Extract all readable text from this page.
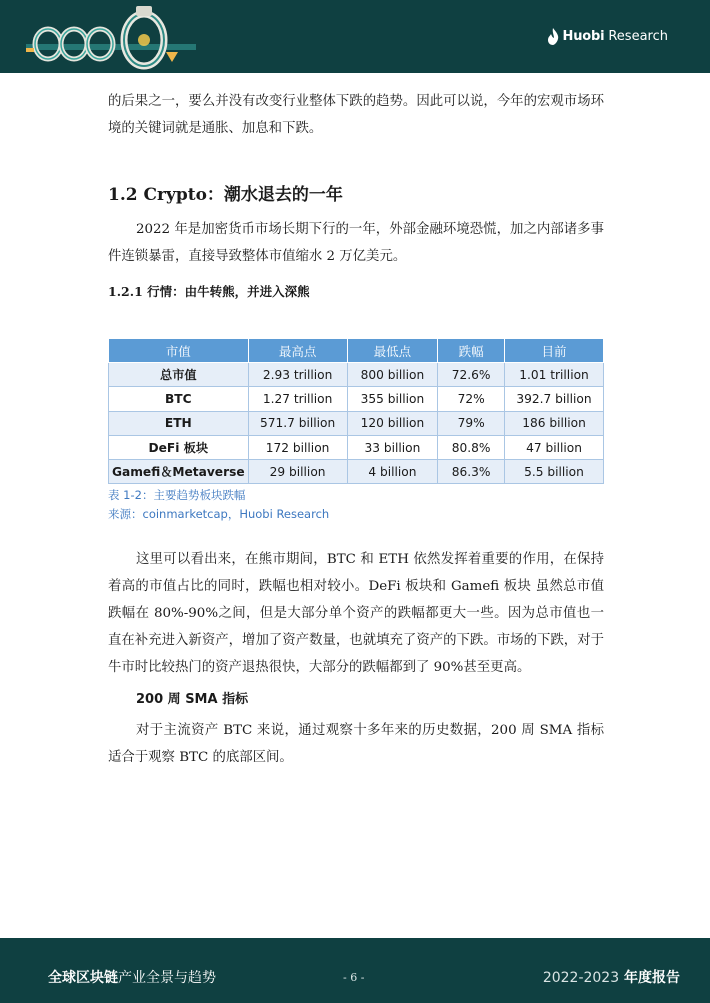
Huobi Research

的后果之一，要么并没有改变行业整体下跌的趋势。因此可以说，今年的宏观市场环境的关键词就是通胀、加息和下跌。

1.2 Crypto：潮水退去的一年

2022 年是加密货币市场长期下行的一年，外部金融环境恐慌，加之内部诸多事件连锁暴雷，直接导致整体市值缩水 2 万亿美元。

1.2.1 行情：由牛转熊，并进入深熊
市值	最高点	最低点	跌幅	目前
总市值	2.93 trillion	800 billion	72.6%	1.01 trillion
BTC	1.27 trillion	355 billion	72%	392.7 billion
ETH	571.7 billion	120 billion	79%	186 billion
DeFi 板块	172 billion	33 billion	80.8%	47 billion
Gamefi＆Metaverse	29 billion	4 billion	86.3%	5.5 billion
表 1-2：主要趋势板块跌幅
来源：coinmarketcap，Huobi Research

这里可以看出来，在熊市期间，BTC 和 ETH 依然发挥着重要的作用，在保持着高的市值占比的同时，跌幅也相对较小。DeFi 板块和 Gamefi 板块 虽然总市值跌幅在 80%-90%之间，但是大部分单个资产的跌幅都更大一些。因为总市值也一直在补充进入新资产，增加了资产数量，也就填充了资产的下跌。市场的下跌，对于牛市时比较热门的资产退热很快，大部分的跌幅都到了 90%甚至更高。

200 周 SMA 指标

对于主流资产 BTC 来说，通过观察十多年来的历史数据，200 周 SMA 指标适合于观察 BTC 的底部区间。

全球区块链产业全景与趋势	- 6 -	2022-2023 年度报告
